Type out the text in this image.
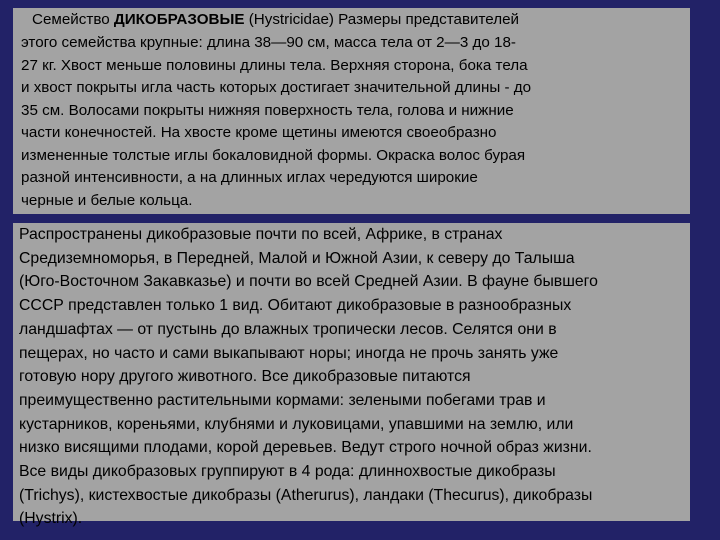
Семейство ДИКОБРАЗОВЫЕ (Hystricidae) Размеры представителей
этого семейства крупные: длина 38—90 см, масса тела от 2—3 до 18-
27 кг. Хвост меньше половины длины тела. Верхняя сторона, бока тела
и хвост покрыты игла часть которых достигает значительной длины - до
35 см. Волосами покрыты нижняя поверхность тела, голова и нижние
части конечностей. На хвосте кроме щетины имеются своеобразно
измененные толстые иглы бокаловидной формы. Окраска волос бурая
разной интенсивности, а на длинных иглах чередуются широкие
черные и белые кольца.
Распространены дикобразовые почти по всей, Африке, в странах
Средиземноморья, в Передней, Малой и Южной Азии, к северу до Талыша
(Юго-Восточном Закавказье) и почти во всей Средней Азии. В фауне бывшего
СССР представлен только 1 вид. Обитают дикобразовые в разнообразных
ландшафтах — от пустынь до влажных тропически лесов. Селятся они в
пещерах, но часто и сами выкапывают норы; иногда не прочь занять уже
готовую нору другого животного. Все дикобразовые питаются
преимущественно растительными кормами: зелеными побегами трав и
кустарников, кореньями, клубнями и луковицами, упавшими на землю, или
низко висящими плодами, корой деревьев. Ведут строго ночной образ жизни.
Все виды дикобразовых группируют в 4 рода: длиннохвостые дикобразы
(Trichys), кистехвостые дикобразы (Atherurus), ландаки (Thecurus), дикобразы
(Hystrix).
